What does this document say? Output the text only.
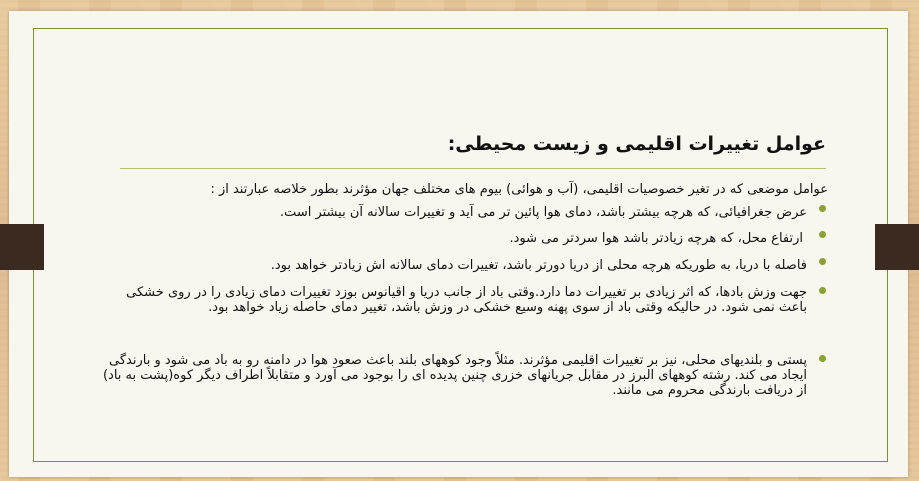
عوامل تغییرات اقلیمی و زیست محیطی:
عوامل موضعی که در تغیر خصوصیات اقلیمی، (آب و هوائی) بیوم های مختلف جهان مؤثرند بطور خلاصه عبارتند از :
عرض جغرافیائی، که هرچه بیشتر باشد، دمای هوا پائین تر می آید و تغییرات سالانه آن بیشتر است.
ارتفاع محل، که هرچه زیادتر باشد هوا سردتر می شود.
فاصله با دریا، به طوریکه هرچه محلی از دریا دورتر باشد، تغییرات دمای سالانه اش زیادتر خواهد بود.
جهت وزش بادها، که اثر زیادی بر تغییرات دما دارد.وقتی باد از جانب دریا و اقیانوس بوزد تغییرات دمای زیادی را در روی خشکی باعث نمی شود. در حالیکه وقتی باد از سوی پهنه وسیع خشکی در وزش باشد، تغییر دمای حاصله زیاد خواهد بود.
پستی و بلندیهای محلی، نیز بر تغییرات اقلیمی مؤثرند. مثلاً وجود کوههای بلند باعث صعود هوا در دامنه رو به باد می شود و بارندگی ایجاد می کند. رشته کوههای البرز در مقابل جریانهای خزری چنین پدیده ای را بوجود می آورد و متقابلاً اطراف دیگر کوه(پشت به باد) از دریافت بارندگی محروم می مانند.
